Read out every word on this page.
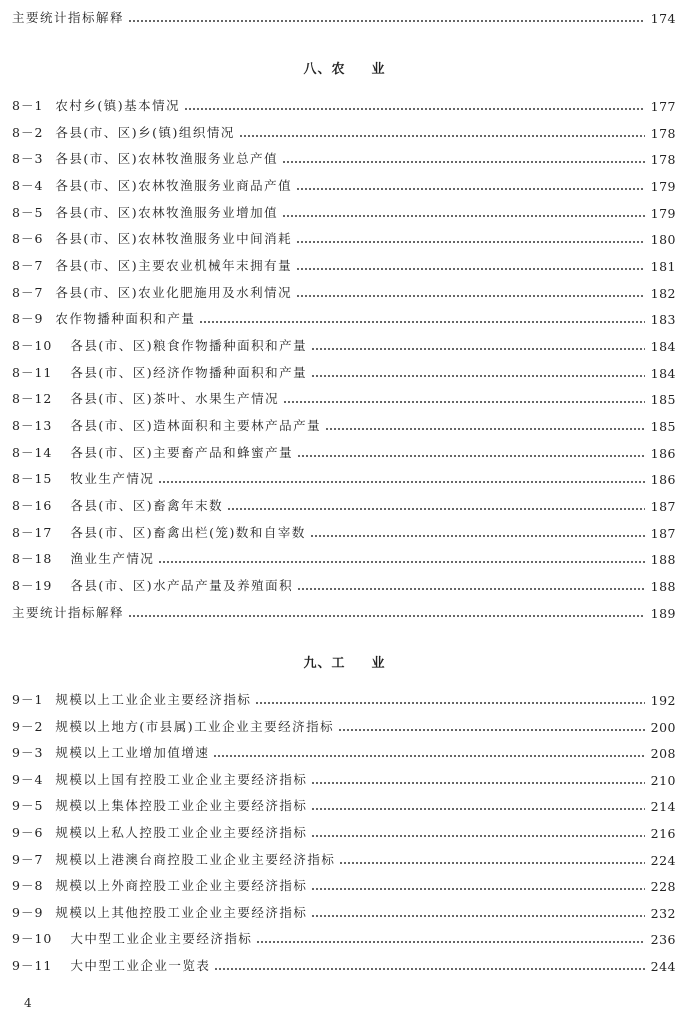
主要统计指标解释	174
八、农 业
8－1 农村乡(镇)基本情况	177
8－2 各县(市、区)乡(镇)组织情况	178
8－3 各县(市、区)农林牧渔服务业总产值	178
8－4 各县(市、区)农林牧渔服务业商品产值	179
8－5 各县(市、区)农林牧渔服务业增加值	179
8－6 各县(市、区)农林牧渔服务业中间消耗	180
8－7 各县(市、区)主要农业机械年末拥有量	181
8－7 各县(市、区)农业化肥施用及水利情况	182
8－9 农作物播种面积和产量	183
8－10 各县(市、区)粮食作物播种面积和产量	184
8－11 各县(市、区)经济作物播种面积和产量	184
8－12 各县(市、区)茶叶、水果生产情况	185
8－13 各县(市、区)造林面积和主要林产品产量	185
8－14 各县(市、区)主要畜产品和蜂蜜产量	186
8－15 牧业生产情况	186
8－16 各县(市、区)畜禽年末数	187
8－17 各县(市、区)畜禽出栏(笼)数和自宰数	187
8－18 渔业生产情况	188
8－19 各县(市、区)水产品产量及养殖面积	188
主要统计指标解释	189
九、工 业
9－1 规模以上工业企业主要经济指标	192
9－2 规模以上地方(市县属)工业企业主要经济指标	200
9－3 规模以上工业增加值增速	208
9－4 规模以上国有控股工业企业主要经济指标	210
9－5 规模以上集体控股工业企业主要经济指标	214
9－6 规模以上私人控股工业企业主要经济指标	216
9－7 规模以上港澳台商控股工业企业主要经济指标	224
9－8 规模以上外商控股工业企业主要经济指标	228
9－9 规模以上其他控股工业企业主要经济指标	232
9－10 大中型工业企业主要经济指标	236
9－11 大中型工业企业一览表	244
4
